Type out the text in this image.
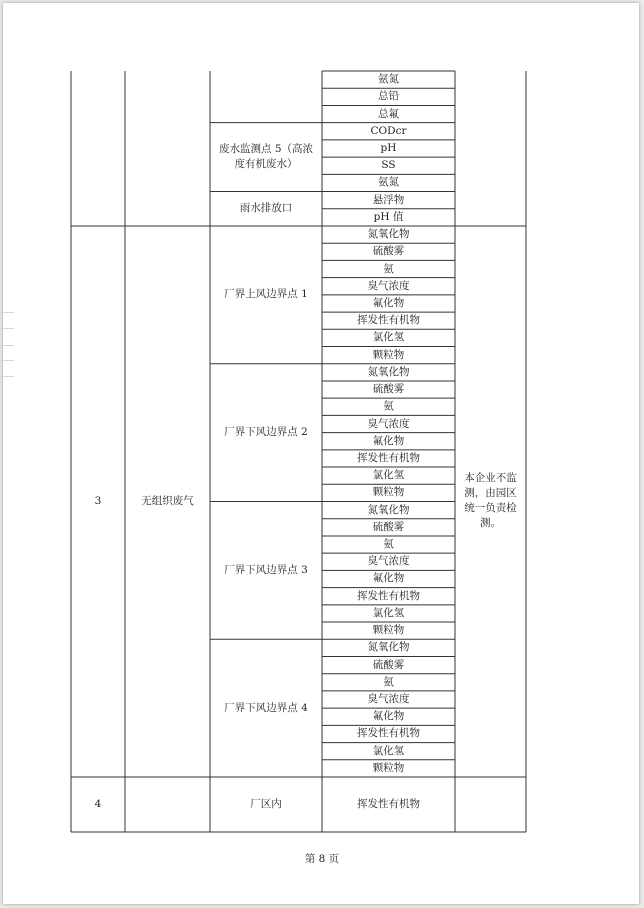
氨氮
总铅
总氟
CODcr
pH
SS
氨氮
悬浮物
pH 值
氮氧化物
硫酸雾
氨
臭气浓度
氟化物
挥发性有机物
氯化氢
颗粒物
氮氧化物
硫酸雾
氨
臭气浓度
氟化物
挥发性有机物
氯化氢
颗粒物
氮氧化物
硫酸雾
氨
臭气浓度
氟化物
挥发性有机物
氯化氢
颗粒物
氮氧化物
硫酸雾
氨
臭气浓度
氟化物
挥发性有机物
氯化氢
颗粒物
挥发性有机物
废水监测点 5（高浓度有机废水）
雨水排放口
厂界上风边界点 1
厂界下风边界点 2
厂界下风边界点 3
厂界下风边界点 4
厂区内
3
4
无组织废气
本企业不监测，由园区统一负责检测。
第 8 页
